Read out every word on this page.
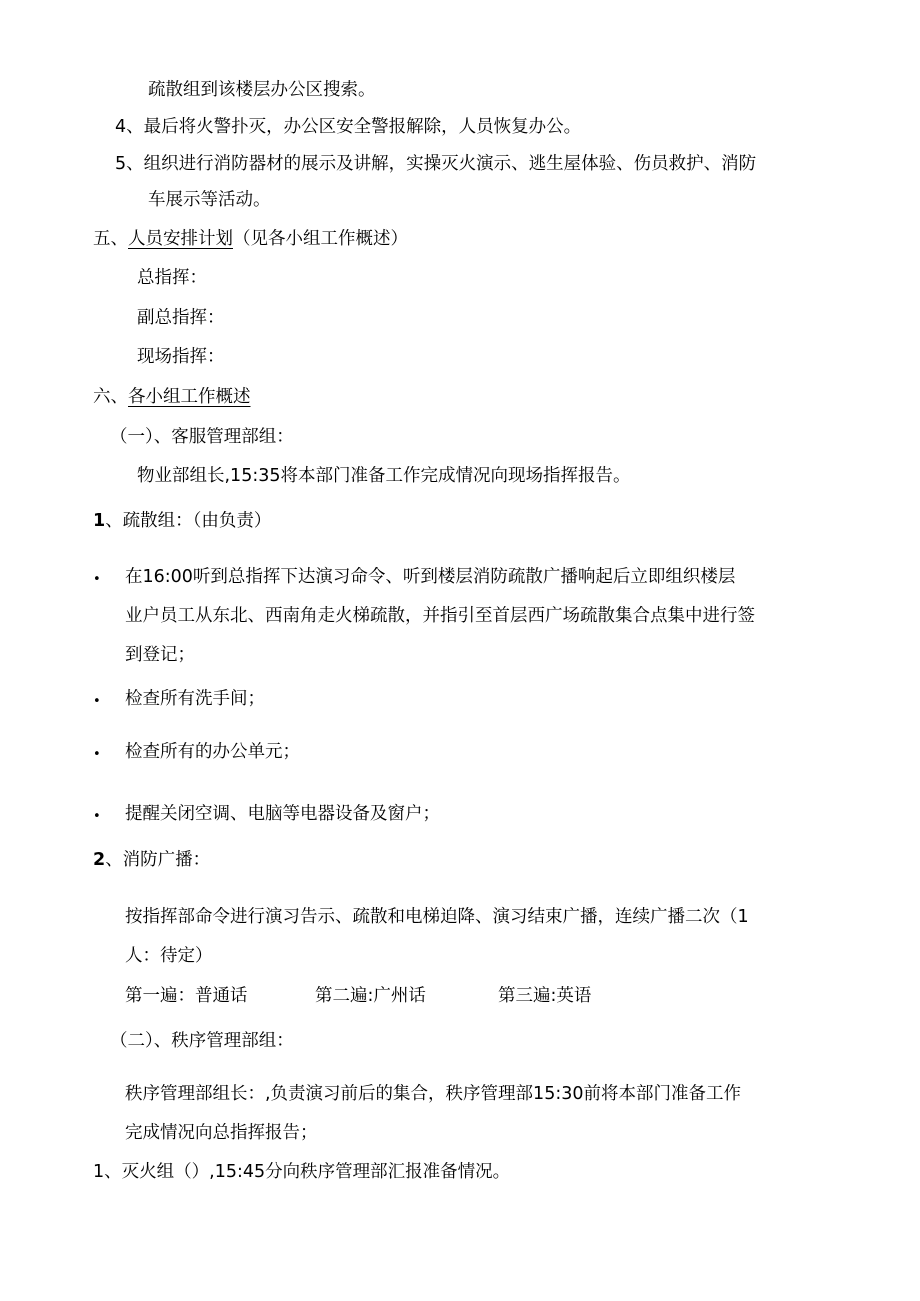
疏散组到该楼层办公区搜索。
4、最后将火警扑灭，办公区安全警报解除，人员恢复办公。
5、组织进行消防器材的展示及讲解，实操灭火演示、逃生屋体验、伤员救护、消防
车展示等活动。
五、人员安排计划（见各小组工作概述）
总指挥：
副总指挥：
现场指挥：
六、各小组工作概述
（一）、客服管理部组：
物业部组长,15:35将本部门准备工作完成情况向现场指挥报告。
1、疏散组：（由负责）
• 在16:00听到总指挥下达演习命令、听到楼层消防疏散广播响起后立即组织楼层
业户员工从东北、西南角走火梯疏散，并指引至首层西广场疏散集合点集中进行签
到登记；
• 检查所有洗手间；
• 检查所有的办公单元；
• 提醒关闭空调、电脑等电器设备及窗户；
2、消防广播：
按指挥部命令进行演习告示、疏散和电梯迫降、演习结束广播，连续广播二次（1
人：待定）
第一遍：普通话	第二遍:广州话	第三遍:英语
（二）、秩序管理部组：
秩序管理部组长：,负责演习前后的集合，秩序管理部15:30前将本部门准备工作
完成情况向总指挥报告；
1、灭火组（）,15:45分向秩序管理部汇报准备情况。
